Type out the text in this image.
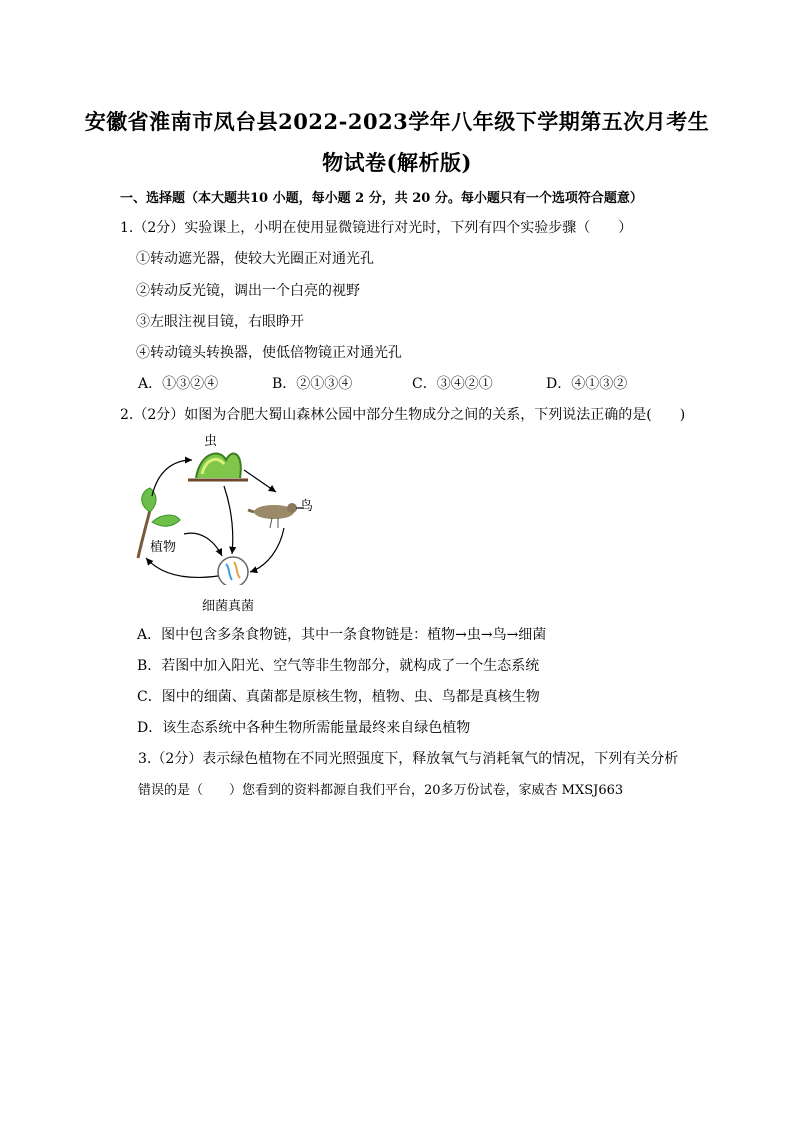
安徽省淮南市凤台县2022-2023学年八年级下学期第五次月考生
物试卷(解析版)
一、选择题（本大题共10 小题，每小题 2 分，共 20 分。每小题只有一个选项符合题意）
1.（2分）实验课上，小明在使用显微镜进行对光时，下列有四个实验步骤（　　）
①转动遮光器，使较大光圈正对通光孔
②转动反光镜，调出一个白亮的视野
③左眼注视目镜，右眼睁开
④转动镜头转换器，使低倍物镜正对通光孔
A．①③②④	B．②①③④	C．③④②①	D．④①③②
2.（2分）如图为合肥大蜀山森林公园中部分生物成分之间的关系，下列说法正确的是(　　)
虫
鸟
植物
细菌真菌
A．图中包含多条食物链，其中一条食物链是：植物→虫→鸟→细菌
B．若图中加入阳光、空气等非生物部分，就构成了一个生态系统
C．图中的细菌、真菌都是原核生物，植物、虫、鸟都是真核生物
D．该生态系统中各种生物所需能量最终来自绿色植物
3.（2分）表示绿色植物在不同光照强度下，释放氧气与消耗氧气的情况，下列有关分析
错误的是（　　）您看到的资料都源自我们平台，20多万份试卷，家威杏 MXSJ663
